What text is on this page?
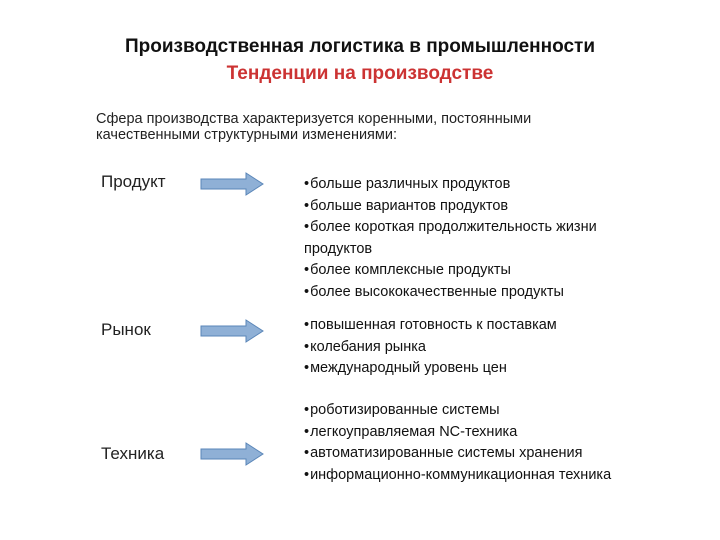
Производственная логистика в промышленности
Тенденции на производстве
Сфера производства характеризуется коренными, постоянными
качественными структурными изменениями:
Продукт	•больше различных продуктов
•больше вариантов продуктов
•более короткая продолжительность жизни
продуктов
•более комплексные продукты
•более высококачественные продукты
Рынок	•повышенная готовность к поставкам
•колебания рынка
•международный уровень цен
Техника
•роботизированные системы
•легкоуправляемая NC-техника
•автоматизированные системы хранения
•информационно-коммуникационная техника
